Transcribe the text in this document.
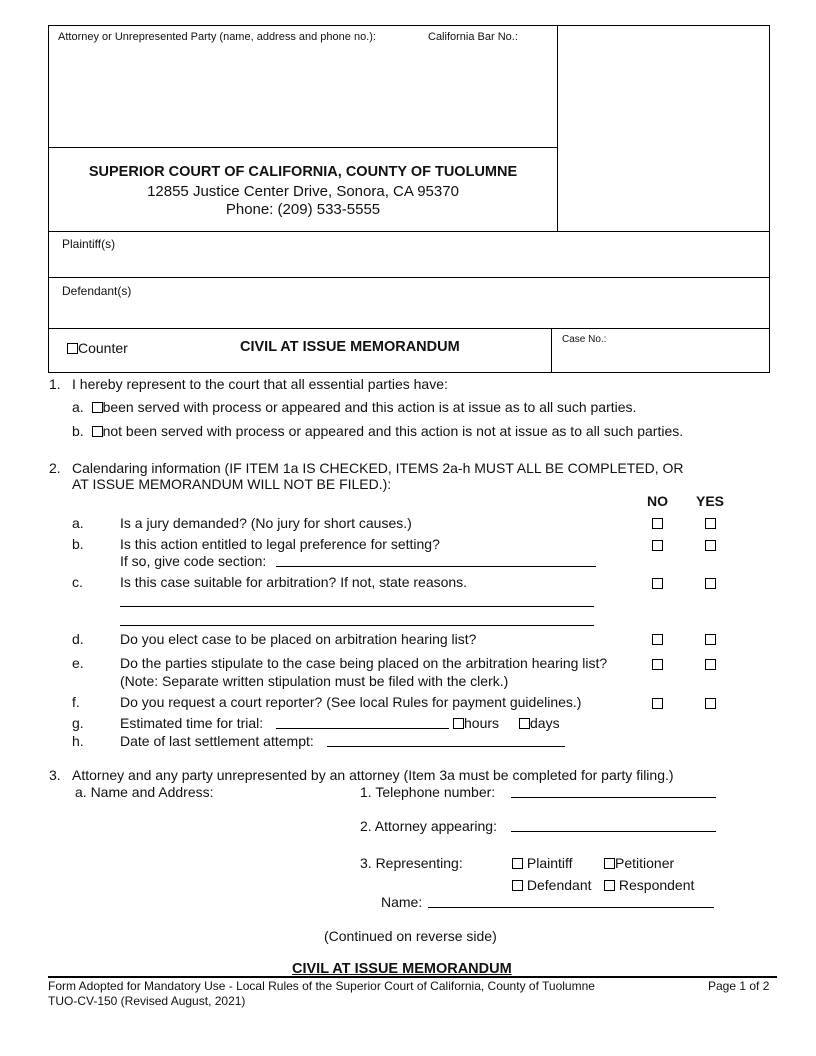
Attorney or Unrepresented Party (name, address and phone no.):	California Bar No.:
SUPERIOR COURT OF CALIFORNIA, COUNTY OF TUOLUMNE
12855 Justice Center Drive, Sonora, CA 95370
Phone: (209) 533-5555
Plaintiff(s)
Defendant(s)
Counter	CIVIL AT ISSUE MEMORANDUM	Case No.:
1. I hereby represent to the court that all essential parties have:
a. been served with process or appeared and this action is at issue as to all such parties.
b. not been served with process or appeared and this action is not at issue as to all such parties.
2. Calendaring information (IF ITEM 1a IS CHECKED, ITEMS 2a-h MUST ALL BE COMPLETED, OR
AT ISSUE MEMORANDUM WILL NOT BE FILED.):
NO YES
a.	Is a jury demanded? (No jury for short causes.)
b.	Is this action entitled to legal preference for setting?
If so, give code section:
c.	Is this case suitable for arbitration? If not, state reasons.
d.	Do you elect case to be placed on arbitration hearing list?
e.	Do the parties stipulate to the case being placed on the arbitration hearing list?
(Note: Separate written stipulation must be filed with the clerk.)
f.	Do you request a court reporter? (See local Rules for payment guidelines.)
g.	Estimated time for trial:	hours	days
h.	Date of last settlement attempt:
3. Attorney and any party unrepresented by an attorney (Item 3a must be completed for party filing.)
a. Name and Address:	1. Telephone number:
2. Attorney appearing:
3. Representing:	Plaintiff	Petitioner
Defendant	Respondent
Name:
(Continued on reverse side)
CIVIL AT ISSUE MEMORANDUM
Form Adopted for Mandatory Use - Local Rules of the Superior Court of California, County of Tuolumne	Page 1 of 2
TUO-CV-150 (Revised August, 2021)
